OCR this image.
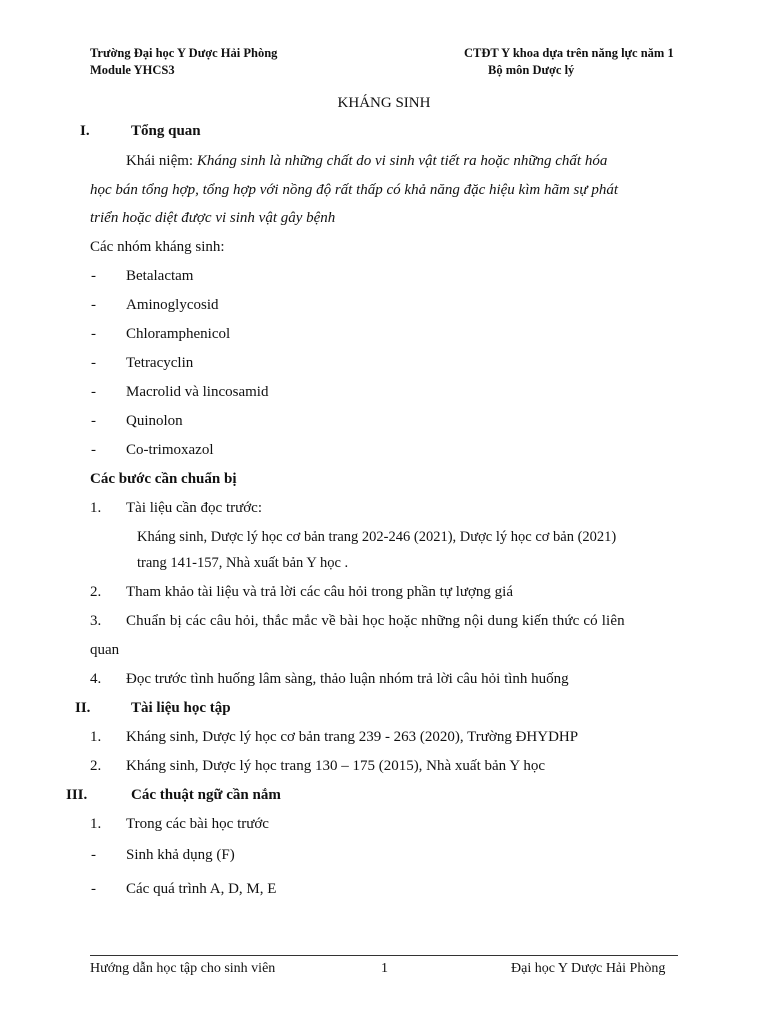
Trường Đại học Y Dược Hải Phòng
Module YHCS3
CTĐT Y khoa dựa trên năng lực năm 1
Bộ môn Dược lý
KHÁNG SINH
I.	Tổng quan
Khái niệm: Kháng sinh là những chất do vi sinh vật tiết ra hoặc những chất hóa
học bán tổng hợp, tổng hợp với nồng độ rất thấp có khả năng đặc hiệu kìm hãm sự phát
triển hoặc diệt được vi sinh vật gây bệnh
Các nhóm kháng sinh:
- Betalactam
- Aminoglycosid
- Chloramphenicol
- Tetracyclin
- Macrolid và lincosamid
- Quinolon
- Co-trimoxazol
Các bước cần chuẩn bị
1. Tài liệu cần đọc trước:
Kháng sinh, Dược lý học cơ bản trang 202-246 (2021), Dược lý học cơ bản (2021)
trang 141-157, Nhà xuất bản Y học .
2. Tham khảo tài liệu và trả lời các câu hỏi trong phần tự lượng giá
3. Chuẩn bị các câu hỏi, thắc mắc về bài học hoặc những nội dung kiến thức có liên
quan
4. Đọc trước tình huống lâm sàng, thảo luận nhóm trả lời câu hỏi tình huống
II.	Tài liệu học tập
1. Kháng sinh, Dược lý học cơ bản trang 239 - 263 (2020), Trường ĐHYDHP
2. Kháng sinh, Dược lý học trang 130 – 175 (2015), Nhà xuất bản Y học
III.	Các thuật ngữ cần nắm
1. Trong các bài học trước
- Sinh khả dụng (F)
- Các quá trình A, D, M, E
Hướng dẫn học tập cho sinh viên	1	Đại học Y Dược Hải Phòng
